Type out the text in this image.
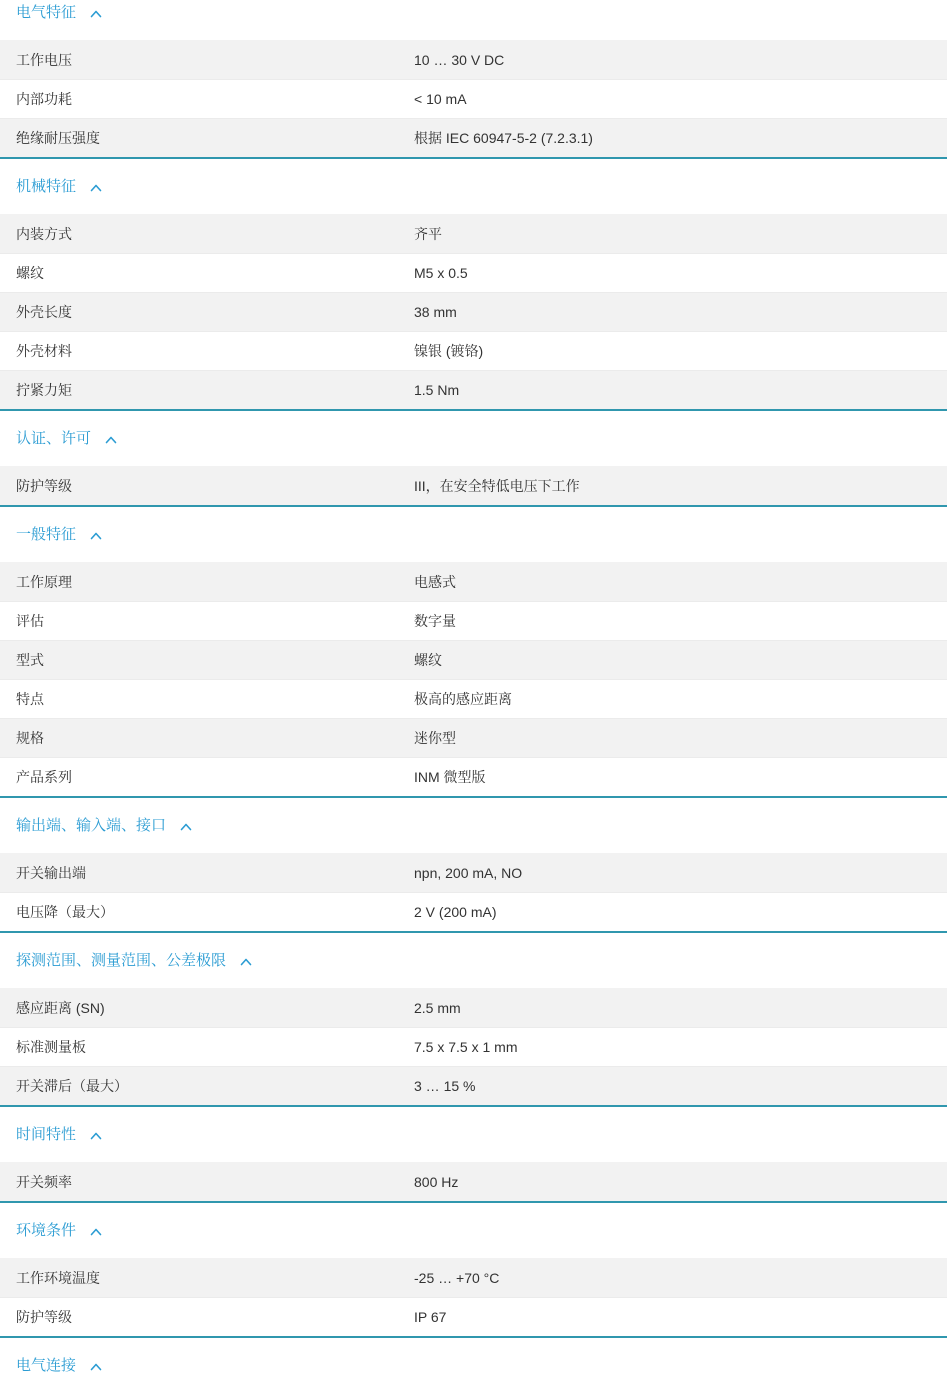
电气特征
工作电压	10 … 30 V DC
内部功耗	< 10 mA
绝缘耐压强度	根据 IEC 60947-5-2 (7.2.3.1)
机械特征
内装方式	齐平
螺纹	M5 x 0.5
外壳长度	38 mm
外壳材料	镍银 (镀铬)
拧紧力矩	1.5 Nm
认证、许可
防护等级	III，在安全特低电压下工作
一般特征
工作原理	电感式
评估	数字量
型式	螺纹
特点	极高的感应距离
规格	迷你型
产品系列	INM 微型版
输出端、输入端、接口
开关输出端	npn, 200 mA, NO
电压降（最大）	2 V (200 mA)
探测范围、测量范围、公差极限
感应距离 (SN)	2.5 mm
标准测量板	7.5 x 7.5 x 1 mm
开关滞后（最大）	3 … 15 %
时间特性
开关频率	800 Hz
环境条件
工作环境温度	-25 … +70 °C
防护等级	IP 67
电气连接
